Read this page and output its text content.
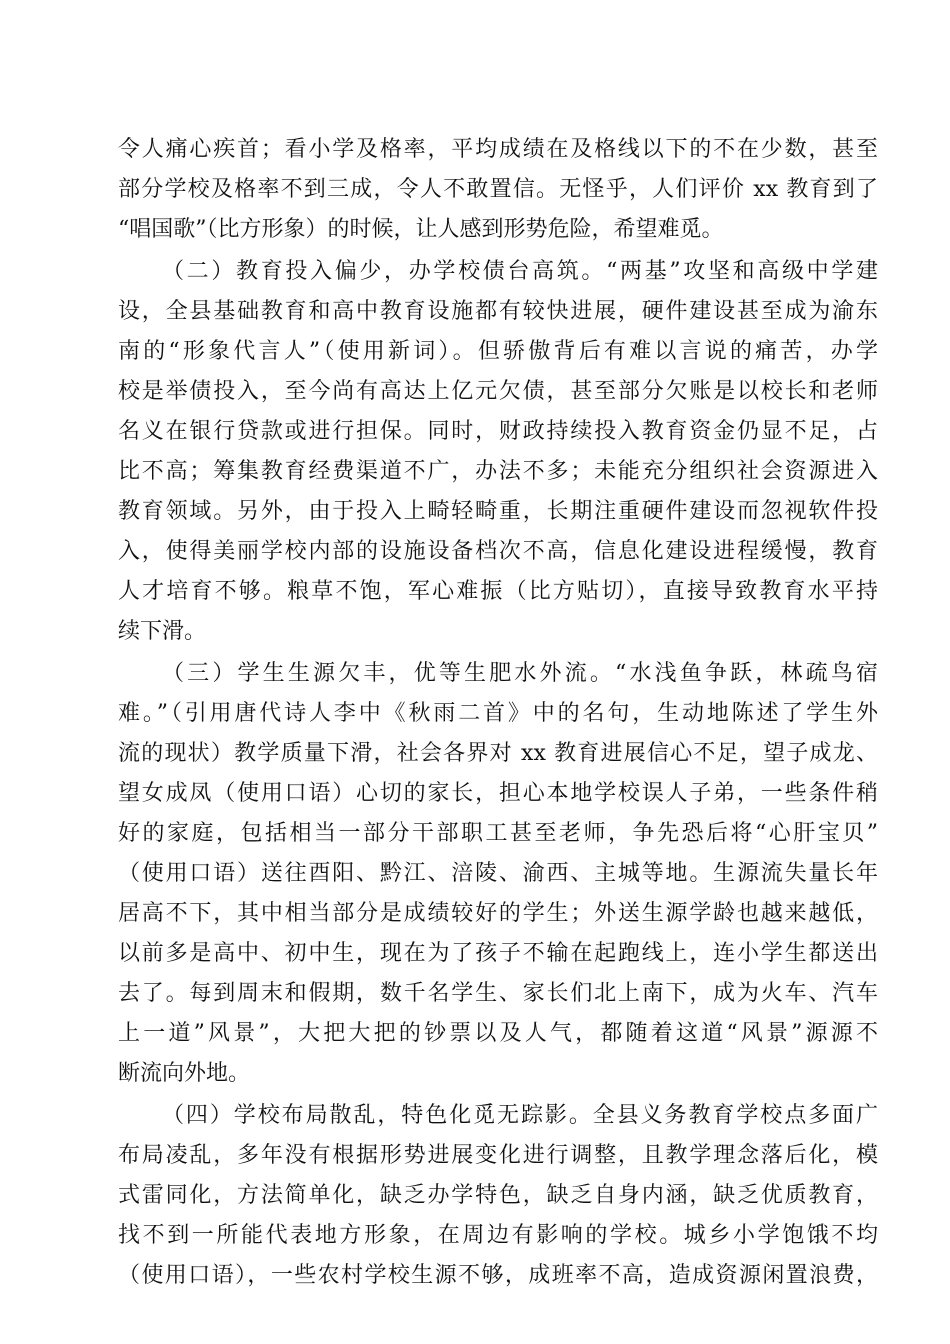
令人痛心疾首；看小学及格率，平均成绩在及格线以下的不在少数，甚至
部分学校及格率不到三成，令人不敢置信。无怪乎，人们评价 xx 教育到了
“唱国歌”（比方形象）的时候，让人感到形势危险，希望难觅。
（二）教育投入偏少，办学校债台高筑。“两基”攻坚和高级中学建
设，全县基础教育和高中教育设施都有较快进展，硬件建设甚至成为渝东
南的“形象代言人”（使用新词）。但骄傲背后有难以言说的痛苦，办学
校是举债投入，至今尚有高达上亿元欠债，甚至部分欠账是以校长和老师
名义在银行贷款或进行担保。同时，财政持续投入教育资金仍显不足，占
比不高；筹集教育经费渠道不广，办法不多；未能充分组织社会资源进入
教育领域。另外，由于投入上畸轻畸重，长期注重硬件建设而忽视软件投
入，使得美丽学校内部的设施设备档次不高，信息化建设进程缓慢，教育
人才培育不够。粮草不饱，军心难振（比方贴切），直接导致教育水平持
续下滑。
（三）学生生源欠丰，优等生肥水外流。“水浅鱼争跃，林疏鸟宿
难。”（引用唐代诗人李中《秋雨二首》中的名句，生动地陈述了学生外
流的现状）教学质量下滑，社会各界对 xx 教育进展信心不足，望子成龙、
望女成凤（使用口语）心切的家长，担心本地学校误人子弟，一些条件稍
好的家庭，包括相当一部分干部职工甚至老师，争先恐后将“心肝宝贝”
（使用口语）送往酉阳、黔江、涪陵、渝西、主城等地。生源流失量长年
居高不下，其中相当部分是成绩较好的学生；外送生源学龄也越来越低，
以前多是高中、初中生，现在为了孩子不输在起跑线上，连小学生都送出
去了。每到周末和假期，数千名学生、家长们北上南下，成为火车、汽车
上一道”风景”，大把大把的钞票以及人气，都随着这道“风景”源源不
断流向外地。
（四）学校布局散乱，特色化觅无踪影。全县义务教育学校点多面广
布局凌乱，多年没有根据形势进展变化进行调整，且教学理念落后化，模
式雷同化，方法简单化，缺乏办学特色，缺乏自身内涵，缺乏优质教育，
找不到一所能代表地方形象，在周边有影响的学校。城乡小学饱饿不均
（使用口语），一些农村学校生源不够，成班率不高，造成资源闲置浪费，
